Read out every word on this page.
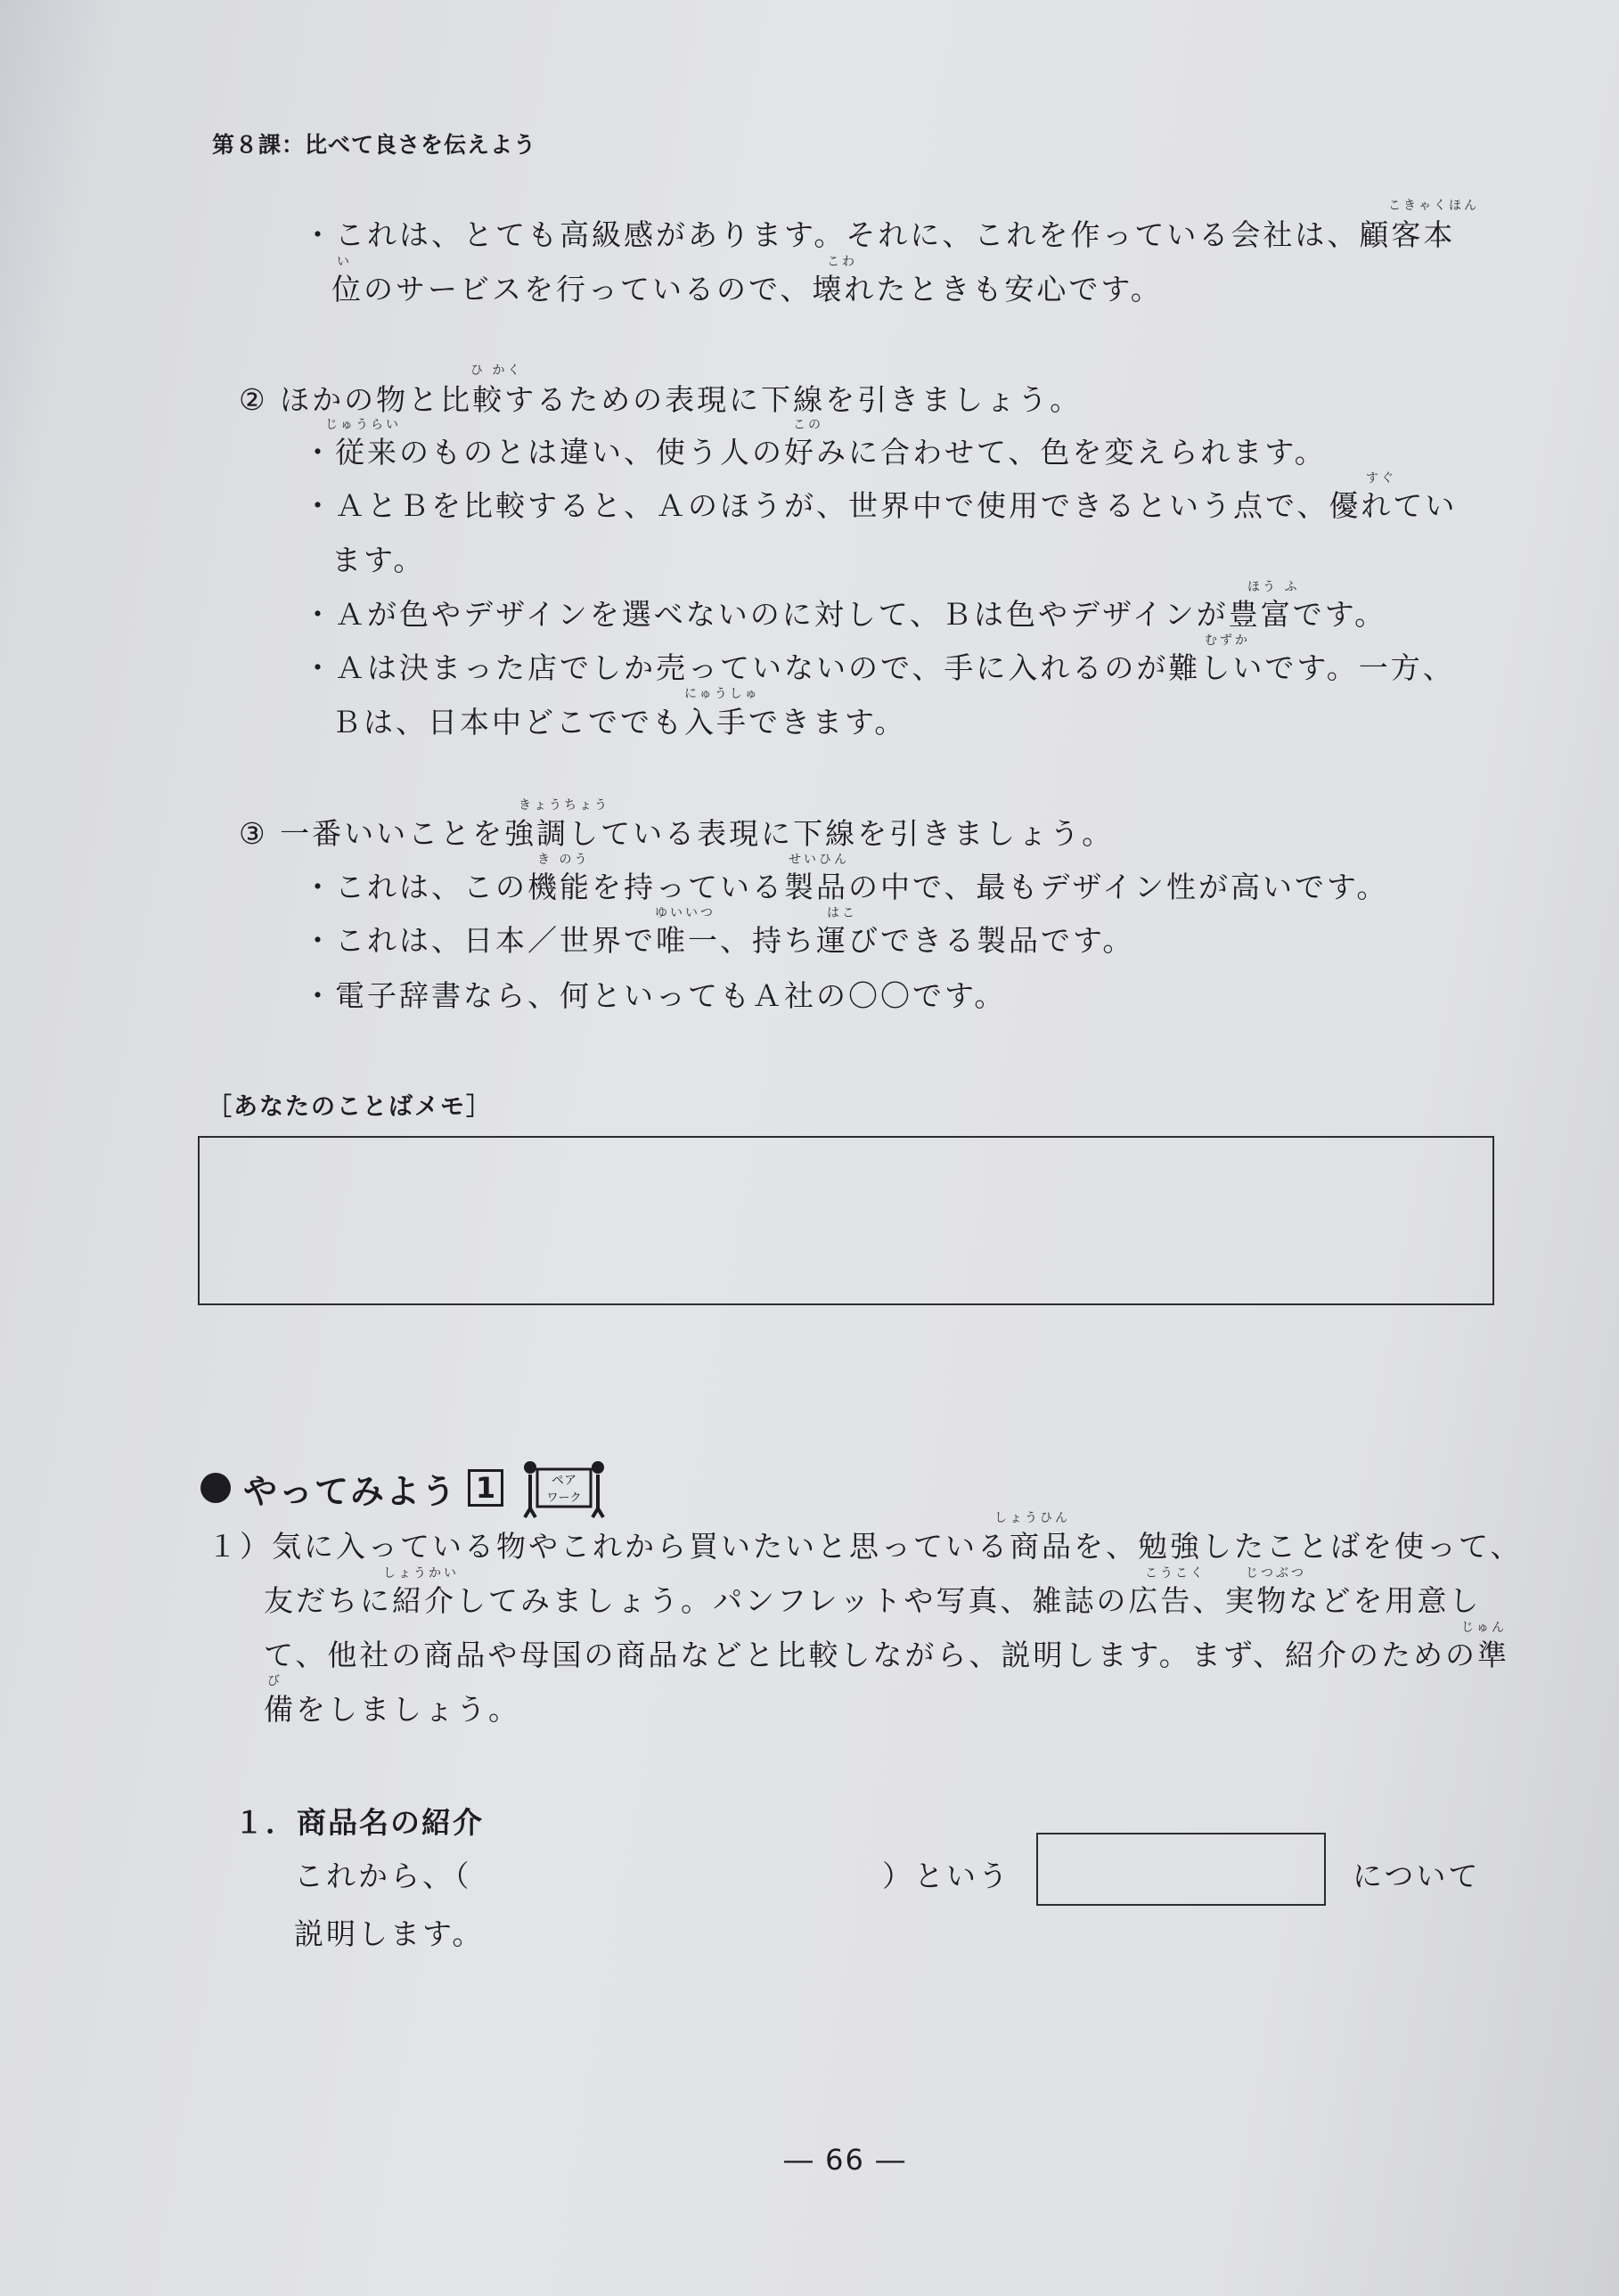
第８課：比べて良さを伝えよう
こきゃくほん
・これは、とても高級感があります。それに、これを作っている会社は、顧客本
い	こわ
位のサービスを行っているので、壊れたときも安心です。
ひ かく
② ほかの物と比較するための表現に下線を引きましょう。
じゅうらい	この
・従来のものとは違い、使う人の好みに合わせて、色を変えられます。
すぐ
・ＡとＢを比較すると、Ａのほうが、世界中で使用できるという点で、優れてい
ます。
ほう ふ
・Ａが色やデザインを選べないのに対して、Ｂは色やデザインが豊富です。
むずか
・Ａは決まった店でしか売っていないので、手に入れるのが難しいです。一方、
にゅうしゅ
Ｂは、日本中どこででも入手できます。
きょうちょう
③ 一番いいことを強調している表現に下線を引きましょう。
き のう	せいひん
・これは、この機能を持っている製品の中で、最もデザイン性が高いです。
ゆいいつ	はこ
・これは、日本／世界で唯一、持ち運びできる製品です。
・電子辞書なら、何といってもＡ社の〇〇です。
［あなたのことばメモ］
やってみよう 1	ペア
ワーク
しょうひん
１）気に入っている物やこれから買いたいと思っている商品を、勉強したことばを使って、
しょうかい	こうこく	じつぶつ
友だちに紹介してみましょう。パンフレットや写真、雑誌の広告、実物などを用意し
じゅん
て、他社の商品や母国の商品などと比較しながら、説明します。まず、紹介のための準
び
備をしましょう。
１．商品名の紹介
これから、（	）という	について
説明します。
― 66 ―
